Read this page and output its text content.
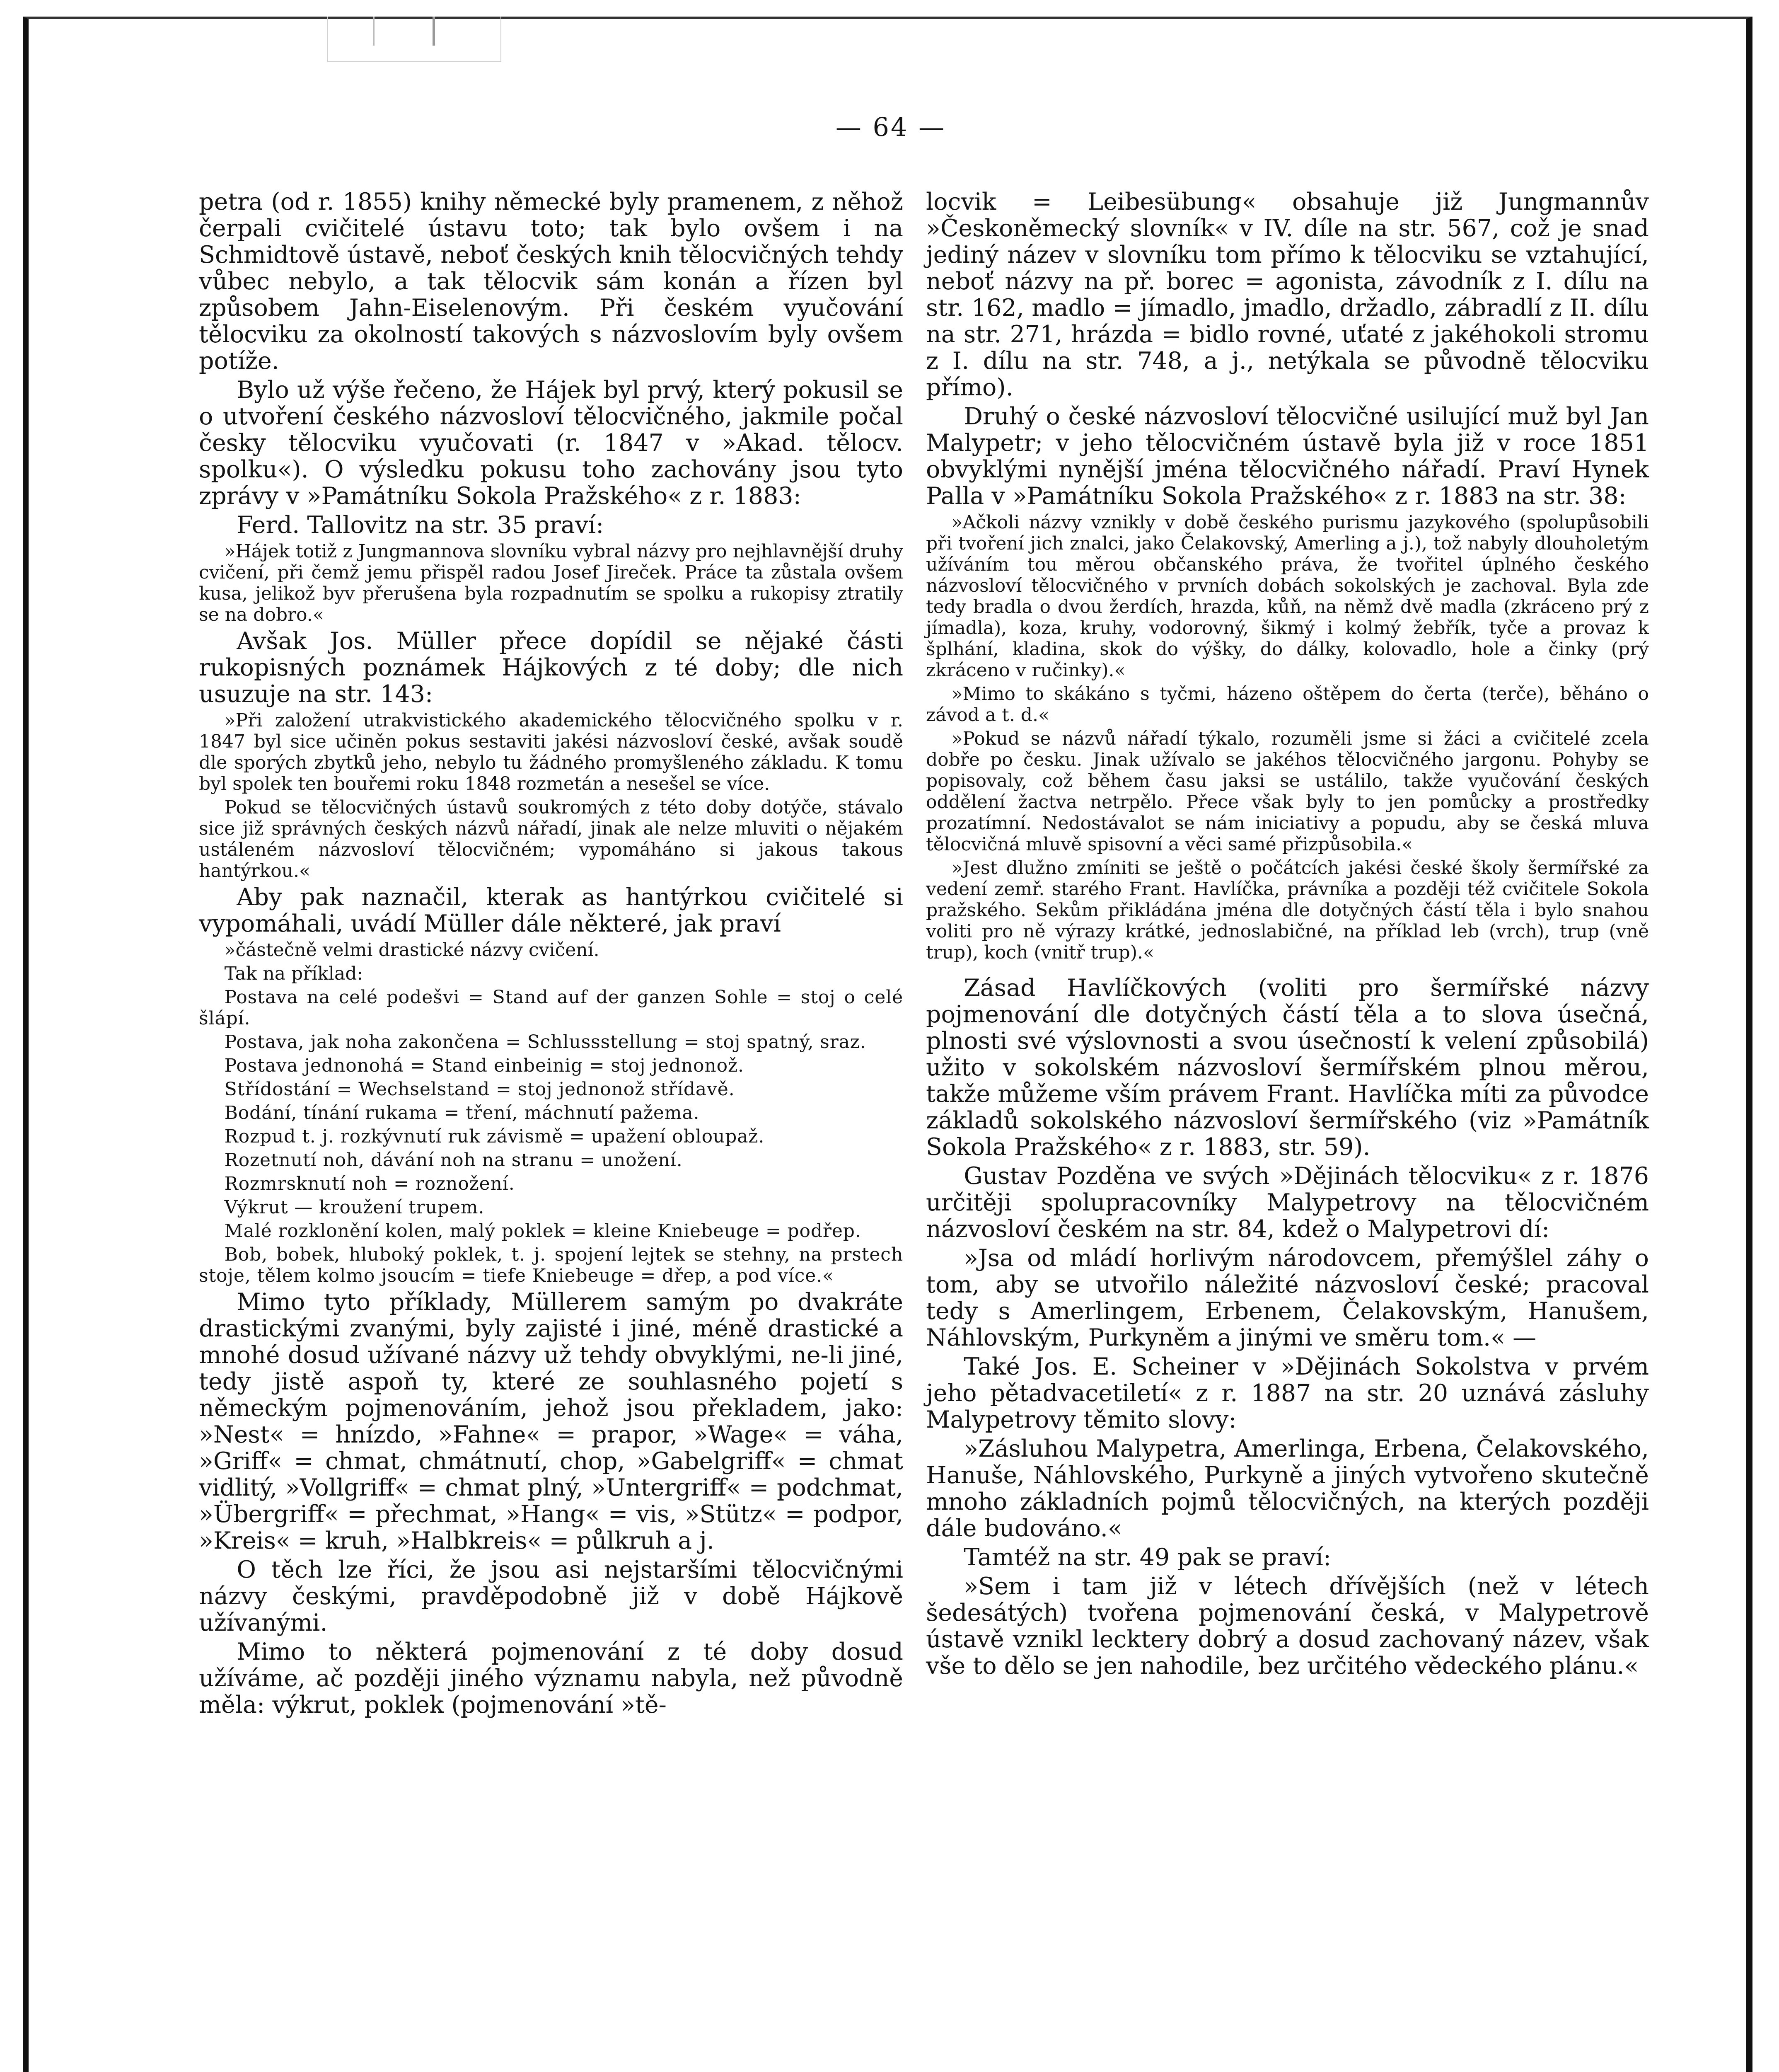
— 64 —

petra (od r. 1855) knihy německé byly pramenem, z něhož čerpali cvičitelé ústavu toto; tak bylo ovšem i na Schmidtově ústavě, neboť českých knih tělocvičných tehdy vůbec nebylo, a tak tělocvik sám konán a řízen byl způsobem Jahn-Eiselenovým. Při českém vyučování tělocviku za okolností takových s názvoslovím byly ovšem potíže.

Bylo už výše řečeno, že Hájek byl prvý, který pokusil se o utvoření českého názvosloví tělocvičného, jakmile počal česky tělocviku vyučovati (r. 1847 v »Akad. tělocv. spolku«). O výsledku pokusu toho zachovány jsou tyto zprávy v »Památníku Sokola Pražského« z r. 1883:

Ferd. Tallovitz na str. 35 praví:

»Hájek totiž z Jungmannova slovníku vybral názvy pro nejhlavnější druhy cvičení, při čemž jemu přispěl radou Josef Jireček. Práce ta zůstala ovšem kusa, jelikož byv přerušena byla rozpadnutím se spolku a rukopisy ztratily se na dobro.«

Avšak Jos. Müller přece dopídil se nějaké části rukopisných poznámek Hájkových z té doby; dle nich usuzuje na str. 143:

»Při založení utrakvistického akademického tělocvičného spolku v r. 1847 byl sice učiněn pokus sestaviti jakési názvosloví české, avšak soudě dle sporých zbytků jeho, nebylo tu žádného promyšleného základu. K tomu byl spolek ten bouřemi roku 1848 rozmetán a nesešel se více.

Pokud se tělocvičných ústavů soukromých z této doby dotýče, stávalo sice již správných českých názvů nářadí, jinak ale nelze mluviti o nějakém ustáleném názvosloví tělocvičném; vypomáháno si jakous takous hantýrkou.«

Aby pak naznačil, kterak as hantýrkou cvičitelé si vypomáhali, uvádí Müller dále některé, jak praví

»částečně velmi drastické názvy cvičení.

Tak na příklad:

Postava na celé podešvi = Stand auf der ganzen Sohle = stoj o celé šlápí.

Postava, jak noha zakončena = Schlussstellung = stoj spatný, sraz.

Postava jednonohá = Stand einbeinig = stoj jednonož.

Střídostání = Wechselstand = stoj jednonož střídavě.

Bodání, tínání rukama = tření, máchnutí pažema.

Rozpud t. j. rozkývnutí ruk závismě = upažení obloupaž.

Rozetnutí noh, dávání noh na stranu = unožení.

Rozmrsknutí noh = roznožení.

Výkrut — kroužení trupem.

Malé rozklonění kolen, malý poklek = kleine Kniebeuge = podřep.

Bob, bobek, hluboký poklek, t. j. spojení lejtek se stehny, na prstech stoje, tělem kolmo jsoucím = tiefe Kniebeuge = dřep, a pod více.«

Mimo tyto příklady, Müllerem samým po dvakráte drastickými zvanými, byly zajisté i jiné, méně drastické a mnohé dosud užívané názvy už tehdy obvyklými, ne-li jiné, tedy jistě aspoň ty, které ze souhlasného pojetí s německým pojmenováním, jehož jsou překladem, jako: »Nest« = hnízdo, »Fahne« = prapor, »Wage« = váha, »Griff« = chmat, chmátnutí, chop, »Gabelgriff« = chmat vidlitý, »Vollgriff« = chmat plný, »Untergriff« = podchmat, »Übergriff« = přechmat, »Hang« = vis, »Stütz« = podpor, »Kreis« = kruh, »Halbkreis« = půlkruh a j.

O těch lze říci, že jsou asi nejstaršími tělocvičnými názvy českými, pravděpodobně již v době Hájkově užívanými.

Mimo to některá pojmenování z té doby dosud užíváme, ač později jiného významu nabyla, než původně měla: výkrut, poklek (pojmenování »tě-

locvik = Leibesübung« obsahuje již Jungmannův »Českoněmecký slovník« v IV. díle na str. 567, což je snad jediný název v slovníku tom přímo k tělocviku se vztahující, neboť názvy na př. borec = agonista, závodník z I. dílu na str. 162, madlo = jímadlo, jmadlo, držadlo, zábradlí z II. dílu na str. 271, hrázda = bidlo rovné, uťaté z jakéhokoli stromu z I. dílu na str. 748, a j., netýkala se původně tělocviku přímo).

Druhý o české názvosloví tělocvičné usilující muž byl Jan Malypetr; v jeho tělocvičném ústavě byla již v roce 1851 obvyklými nynější jména tělocvičného nářadí. Praví Hynek Palla v »Památníku Sokola Pražského« z r. 1883 na str. 38:

»Ačkoli názvy vznikly v době českého purismu jazykového (spolupůsobili při tvoření jich znalci, jako Čelakovský, Amerling a j.), tož nabyly dlouholetým užíváním tou měrou občanského práva, že tvořitel úplného českého názvosloví tělocvičného v prvních dobách sokolských je zachoval. Byla zde tedy bradla o dvou žerdích, hrazda, kůň, na němž dvě madla (zkráceno prý z jímadla), koza, kruhy, vodorovný, šikmý i kolmý žebřík, tyče a provaz k šplhání, kladina, skok do výšky, do dálky, kolovadlo, hole a činky (prý zkráceno v ručinky).«

»Mimo to skákáno s tyčmi, házeno oštěpem do čerta (terče), běháno o závod a t. d.«

»Pokud se názvů nářadí týkalo, rozuměli jsme si žáci a cvičitelé zcela dobře po česku. Jinak užívalo se jakéhos tělocvičného jargonu. Pohyby se popisovaly, což během času jaksi se ustálilo, takže vyučování českých oddělení žactva netrpělo. Přece však byly to jen pomůcky a prostředky prozatímní. Nedostávalot se nám iniciativy a popudu, aby se česká mluva tělocvičná mluvě spisovní a věci samé přizpůsobila.«

»Jest dlužno zmíniti se ještě o počátcích jakési české školy šermířské za vedení zemř. starého Frant. Havlíčka, právníka a později též cvičitele Sokola pražského. Sekům přikládána jména dle dotyčných částí těla i bylo snahou voliti pro ně výrazy krátké, jednoslabičné, na příklad leb (vrch), trup (vně trup), koch (vnitř trup).«

Zásad Havlíčkových (voliti pro šermířské názvy pojmenování dle dotyčných částí těla a to slova úsečná, plnosti své výslovnosti a svou úsečností k velení způsobilá) užito v sokolském názvosloví šermířském plnou měrou, takže můžeme vším právem Frant. Havlíčka míti za původce základů sokolského názvosloví šermířského (viz »Památník Sokola Pražského« z r. 1883, str. 59).

Gustav Pozděna ve svých »Dějinách tělocviku« z r. 1876 určitěji spolupracovníky Malypetrovy na tělocvičném názvosloví českém na str. 84, kdež o Malypetrovi dí:

»Jsa od mládí horlivým národovcem, přemýšlel záhy o tom, aby se utvořilo náležité názvosloví české; pracoval tedy s Amerlingem, Erbenem, Čelakovským, Hanušem, Náhlovským, Purkyněm a jinými ve směru tom.« —

Také Jos. E. Scheiner v »Dějinách Sokolstva v prvém jeho pětadvacetiletí« z r. 1887 na str. 20 uznává zásluhy Malypetrovy těmito slovy:

»Zásluhou Malypetra, Amerlinga, Erbena, Čelakovského, Hanuše, Náhlovského, Purkyně a jiných vytvořeno skutečně mnoho základních pojmů tělocvičných, na kterých později dále budováno.«

Tamtéž na str. 49 pak se praví:

»Sem i tam již v létech dřívějších (než v létech šedesátých) tvořena pojmenování česká, v Malypetrově ústavě vznikl lecktery dobrý a dosud zachovaný název, však vše to dělo se jen nahodile, bez určitého vědeckého plánu.«
